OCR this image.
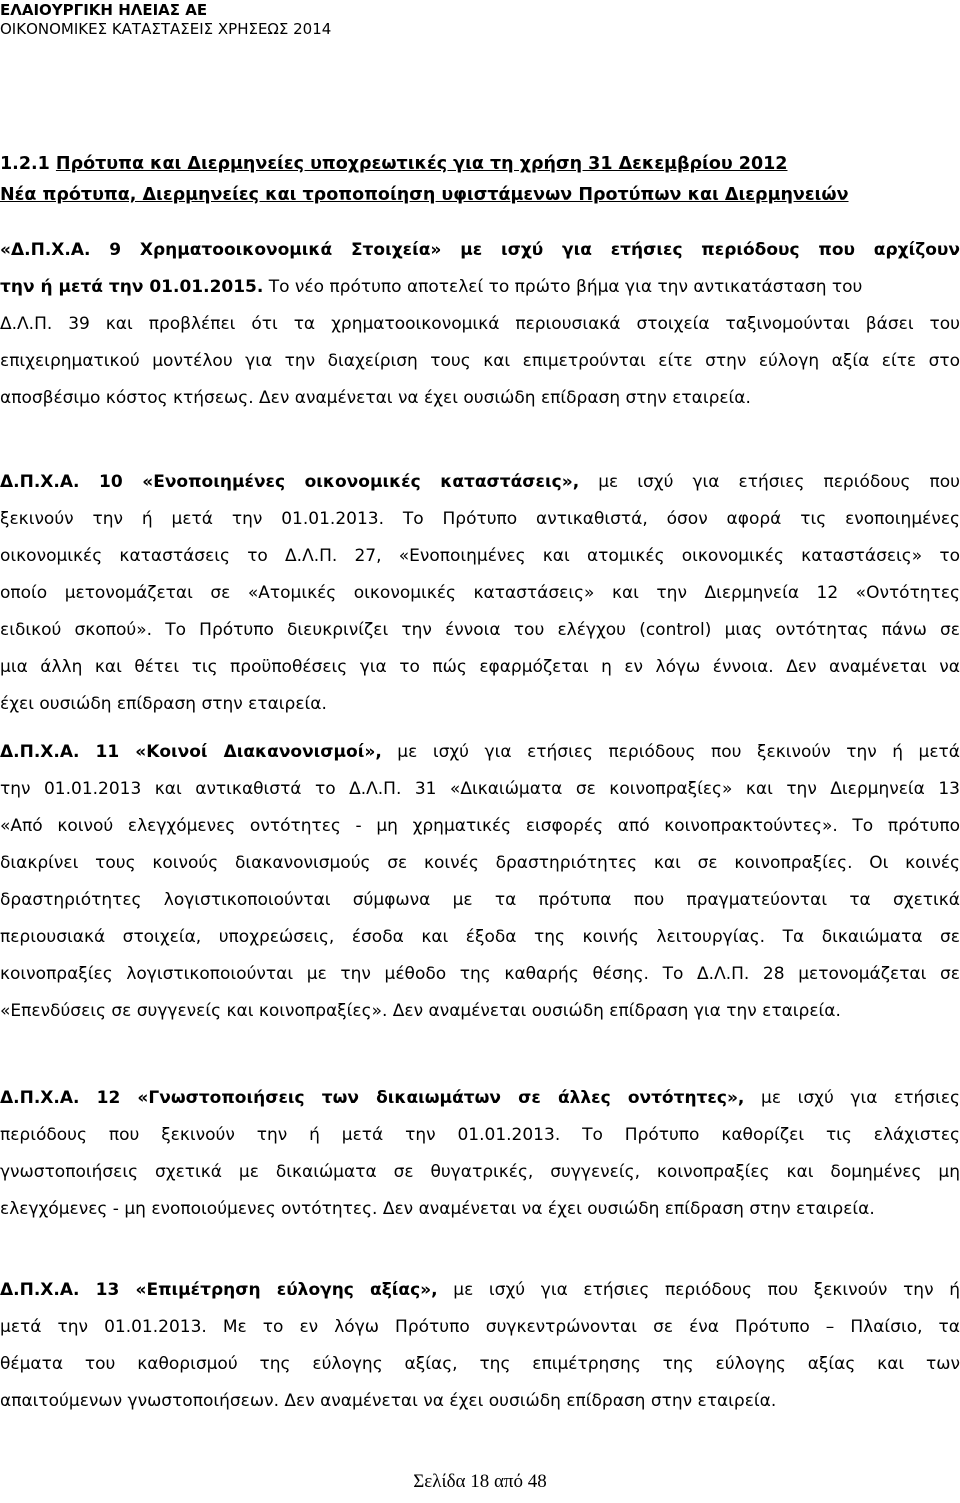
ΕΛΑΙΟΥΡΓΙΚΗ ΗΛΕΙΑΣ ΑΕ
ΟΙΚΟΝΟΜΙΚΕΣ ΚΑΤΑΣΤΑΣΕΙΣ ΧΡΗΣΕΩΣ 2014
1.2.1 Πρότυπα και Διερμηνείες υποχρεωτικές για τη χρήση 31 Δεκεμβρίου 2012
Νέα πρότυπα, Διερμηνείες και τροποποίηση υφιστάμενων Προτύπων και Διερμηνειών
«Δ.Π.Χ.Α. 9 Χρηματοοικονομικά Στοιχεία» με ισχύ για ετήσιες περιόδους που αρχίζουν
την ή μετά την 01.01.2015. Το νέο πρότυπο αποτελεί το πρώτο βήμα για την αντικατάσταση του
Δ.Λ.Π. 39 και προβλέπει ότι τα χρηματοοικονομικά περιουσιακά στοιχεία ταξινομούνται βάσει του
επιχειρηματικού μοντέλου για την διαχείριση τους και επιμετρούνται είτε στην εύλογη αξία είτε στο
αποσβέσιμο κόστος κτήσεως. Δεν αναμένεται να έχει ουσιώδη επίδραση στην εταιρεία.
Δ.Π.Χ.Α. 10 «Ενοποιημένες οικονομικές καταστάσεις», με ισχύ για ετήσιες περιόδους που
ξεκινούν την ή μετά την 01.01.2013. Το Πρότυπο αντικαθιστά, όσον αφορά τις ενοποιημένες
οικονομικές καταστάσεις το Δ.Λ.Π. 27, «Ενοποιημένες και ατομικές οικονομικές καταστάσεις» το
οποίο μετονομάζεται σε «Ατομικές οικονομικές καταστάσεις» και την Διερμηνεία 12 «Οντότητες
ειδικού σκοπού». Το Πρότυπο διευκρινίζει την έννοια του ελέγχου (control) μιας οντότητας πάνω σε
μια άλλη και θέτει τις προϋποθέσεις για το πώς εφαρμόζεται η εν λόγω έννοια. Δεν αναμένεται να
έχει ουσιώδη επίδραση στην εταιρεία.
Δ.Π.Χ.Α. 11 «Κοινοί Διακανονισμοί», με ισχύ για ετήσιες περιόδους που ξεκινούν την ή μετά
την 01.01.2013 και αντικαθιστά το Δ.Λ.Π. 31 «Δικαιώματα σε κοινοπραξίες» και την Διερμηνεία 13
«Από κοινού ελεγχόμενες οντότητες - μη χρηματικές εισφορές από κοινοπρακτούντες». Το πρότυπο
διακρίνει τους κοινούς διακανονισμούς σε κοινές δραστηριότητες και σε κοινοπραξίες. Οι κοινές
δραστηριότητες λογιστικοποιούνται σύμφωνα με τα πρότυπα που πραγματεύονται τα σχετικά
περιουσιακά στοιχεία, υποχρεώσεις, έσοδα και έξοδα της κοινής λειτουργίας. Τα δικαιώματα σε
κοινοπραξίες λογιστικοποιούνται με την μέθοδο της καθαρής θέσης. Το Δ.Λ.Π. 28 μετονομάζεται σε
«Επενδύσεις σε συγγενείς και κοινοπραξίες». Δεν αναμένεται ουσιώδη επίδραση για την εταιρεία.
Δ.Π.Χ.Α. 12 «Γνωστοποιήσεις των δικαιωμάτων σε άλλες οντότητες», με ισχύ για ετήσιες
περιόδους που ξεκινούν την ή μετά την 01.01.2013. Το Πρότυπο καθορίζει τις ελάχιστες
γνωστοποιήσεις σχετικά με δικαιώματα σε θυγατρικές, συγγενείς, κοινοπραξίες και δομημένες μη
ελεγχόμενες - μη ενοποιούμενες οντότητες. Δεν αναμένεται να έχει ουσιώδη επίδραση στην εταιρεία.
Δ.Π.Χ.Α. 13 «Επιμέτρηση εύλογης αξίας», με ισχύ για ετήσιες περιόδους που ξεκινούν την ή
μετά την 01.01.2013. Με το εν λόγω Πρότυπο συγκεντρώνονται σε ένα Πρότυπο – Πλαίσιο, τα
θέματα του καθορισμού της εύλογης αξίας, της επιμέτρησης της εύλογης αξίας και των
απαιτούμενων γνωστοποιήσεων. Δεν αναμένεται να έχει ουσιώδη επίδραση στην εταιρεία.
Σελίδα 18 από 48
